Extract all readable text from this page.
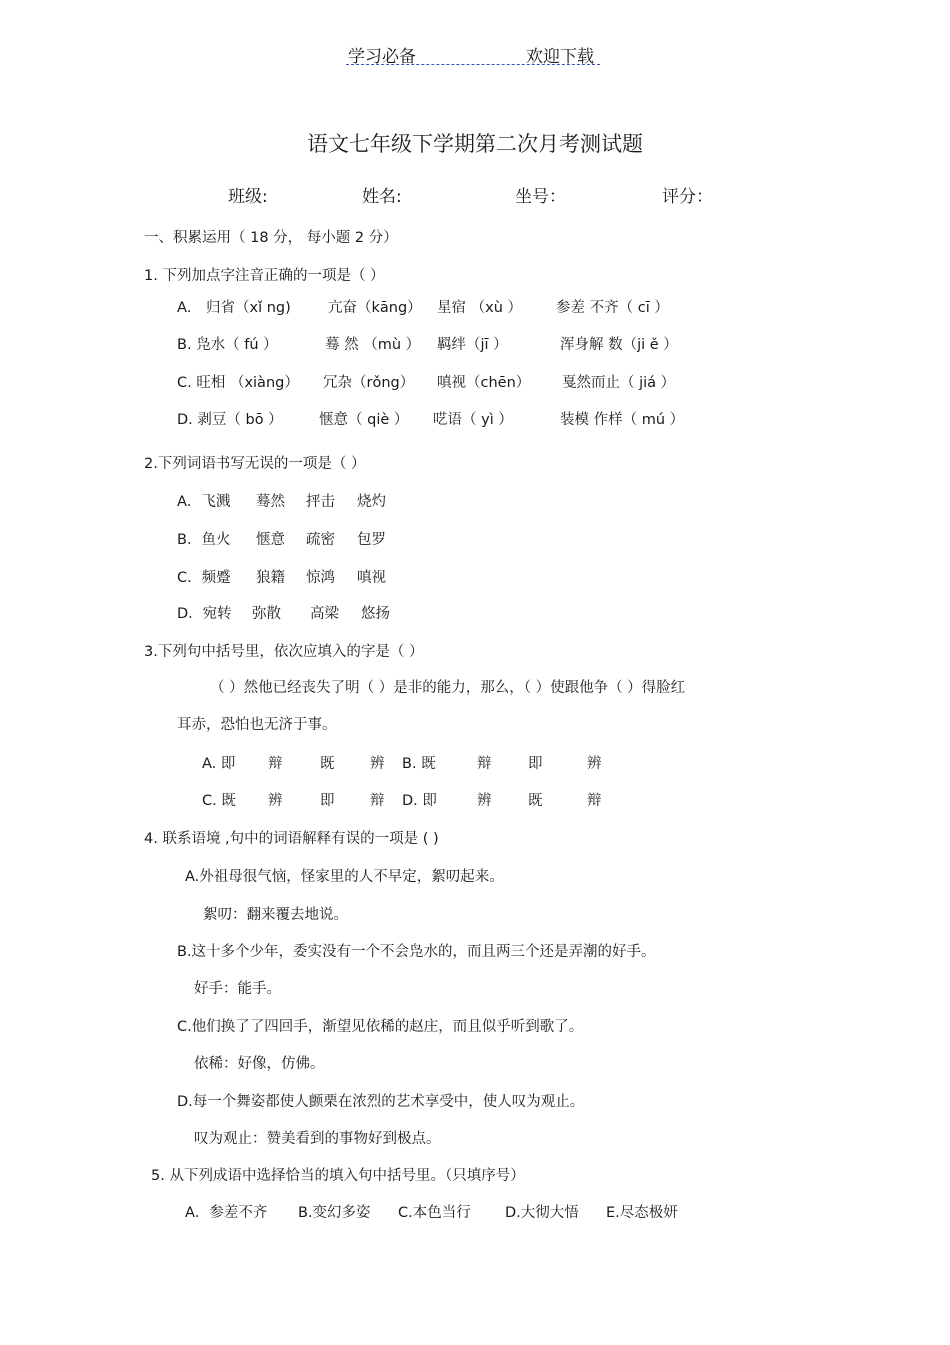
学习必备	欢迎下载
语文七年级下学期第二次月考测试题
班级:	姓名:	坐号：	评分：
一、积累运用（ 18 分， 每小题 2 分）
1. 下列加点字注音正确的一项是（ ）
A． 归省（xǐ ng)	亢奋（kāng） 星宿 （xù ） 参差 不齐（ cī ）
B. 凫水（ fú ）	蓦 然 （mù ） 羁绊（jī ）	浑身解 数（ji ě ）
C. 旺相 （xiàng） 冗杂（rǒng） 嗔视（chēn） 戛然而止（ jiá ）
D. 剥豆（ bō ）	惬意（ qiè ） 呓语（ yì ）	装模 作样（ mú ）
2.下列词语书写无误的一项是（ ）
A．飞溅 蓦然 抨击 烧灼
B．鱼火 惬意 疏密 包罗
C．频蹙 狼籍 惊鸿 嗔视
D．宛转 弥散 高梁 悠扬
3.下列句中括号里，依次应填入的字是（ ）
（ ）然他已经丧失了明（ ）是非的能力，那么，（ ）使跟他争（ ）得脸红
耳赤，恐怕也无济于事。
A. 即 辩	既 辨 B. 既	辩	即	辨
C. 既 辨	即 辩 D. 即	辨	既	辩
4. 联系语境 ,句中的词语解释有误的一项是 ( )
A.外祖母很气恼，怪家里的人不早定，絮叨起来。
絮叨：翻来覆去地说。
B.这十多个少年，委实没有一个不会凫水的，而且两三个还是弄潮的好手。
好手：能手。
C.他们换了了四回手，渐望见依稀的赵庄，而且似乎听到歌了。
依稀：好像，仿佛。
D.每一个舞姿都使人颤栗在浓烈的艺术享受中，使人叹为观止。
叹为观止：赞美看到的事物好到极点。
5. 从下列成语中选择恰当的填入句中括号里。（只填序号）
A．参差不齐 B.变幻多姿 C.本色当行 D.大彻大悟 E.尽态极妍
